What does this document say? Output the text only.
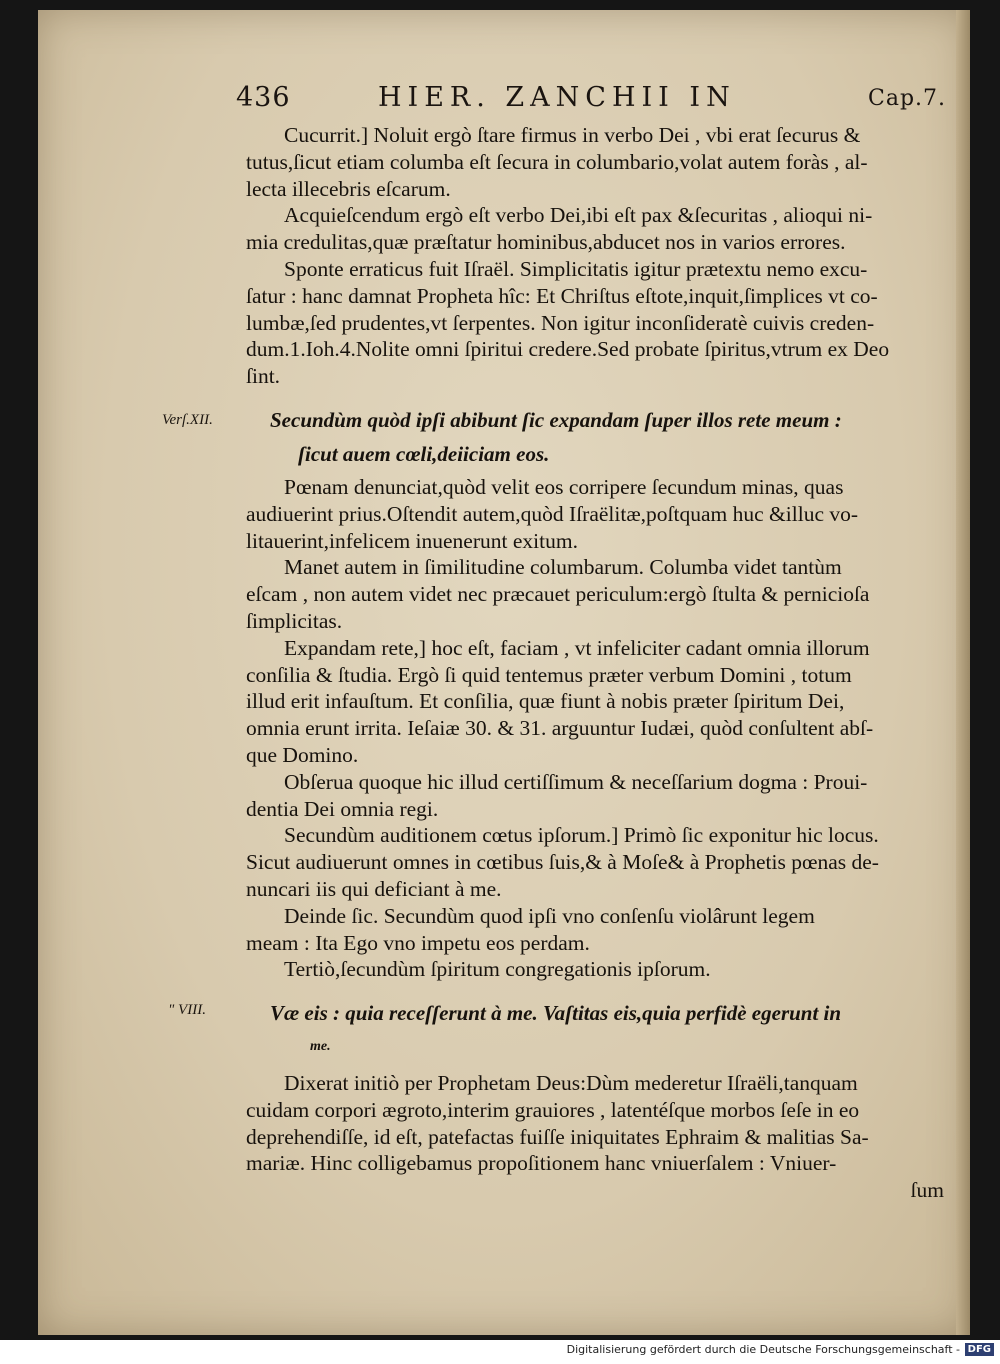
436	HIER. ZANCHII IN	Cap.7.
Cucurrit.] Noluit ergò ſtare firmus in verbo Dei , vbi erat ſecurus &
tutus,ſicut etiam columba eſt ſecura in columbario,volat autem foràs , al-
lecta illecebris eſcarum.
Acquieſcendum ergò eſt verbo Dei,ibi eſt pax &ſecuritas , alioqui ni-
mia credulitas,quæ præſtatur hominibus,abducet nos in varios errores.
Sponte erraticus fuit Iſraël. Simplicitatis igitur prætextu nemo excu-
ſatur : hanc damnat Propheta hîc: Et Chriſtus eſtote,inquit,ſimplices vt co-
lumbæ,ſed prudentes,vt ſerpentes. Non igitur inconſideratè cuivis creden-
dum.1.Ioh.4.Nolite omni ſpiritui credere.Sed probate ſpiritus,vtrum ex Deo
ſint.
Verſ.XII.	Secundùm quòd ipſi abibunt ſic expandam ſuper illos rete meum :
ſicut auem cœli,deiiciam eos.
Pœnam denunciat,quòd velit eos corripere ſecundum minas, quas
audiuerint prius.Oſtendit autem,quòd Iſraëlitæ,poſtquam huc &illuc vo-
litauerint,infelicem inuenerunt exitum.
Manet autem in ſimilitudine columbarum. Columba videt tantùm
eſcam , non autem videt nec præcauet periculum:ergò ſtulta & pernicioſa
ſimplicitas.
Expandam rete,] hoc eſt, faciam , vt infeliciter cadant omnia illorum
conſilia & ſtudia. Ergò ſi quid tentemus præter verbum Domini , totum
illud erit infauſtum. Et conſilia, quæ fiunt à nobis præter ſpiritum Dei,
omnia erunt irrita. Ieſaiæ 30. & 31. arguuntur Iudæi, quòd conſultent abſ-
que Domino.
Obſerua quoque hic illud certiſſimum & neceſſarium dogma : Proui-
dentia Dei omnia regi.
Secundùm auditionem cœtus ipſorum.] Primò ſic exponitur hic locus.
Sicut audiuerunt omnes in cœtibus ſuis,& à Moſe& à Prophetis pœnas de-
nuncari iis qui deficiant à me.
Deinde ſic. Secundùm quod ipſi vno conſenſu violârunt legem
meam : Ita Ego vno impetu eos perdam.
Tertiò,ſecundùm ſpiritum congregationis ipſorum.
" VIII.	Væ eis : quia receſſerunt à me. Vaſtitas eis,quia perfidè egerunt in
me.
Dixerat initiò per Prophetam Deus:Dùm mederetur Iſraëli,tanquam
cuidam corpori ægroto,interim grauiores , latentéſque morbos ſeſe in eo
deprehendiſſe, id eſt, patefactas fuiſſe iniquitates Ephraim & malitias Sa-
mariæ. Hinc colligebamus propoſitionem hanc vniuerſalem : Vniuer-
ſum
Digitalisierung gefördert durch die Deutsche Forschungsgemeinschaft - DFG
